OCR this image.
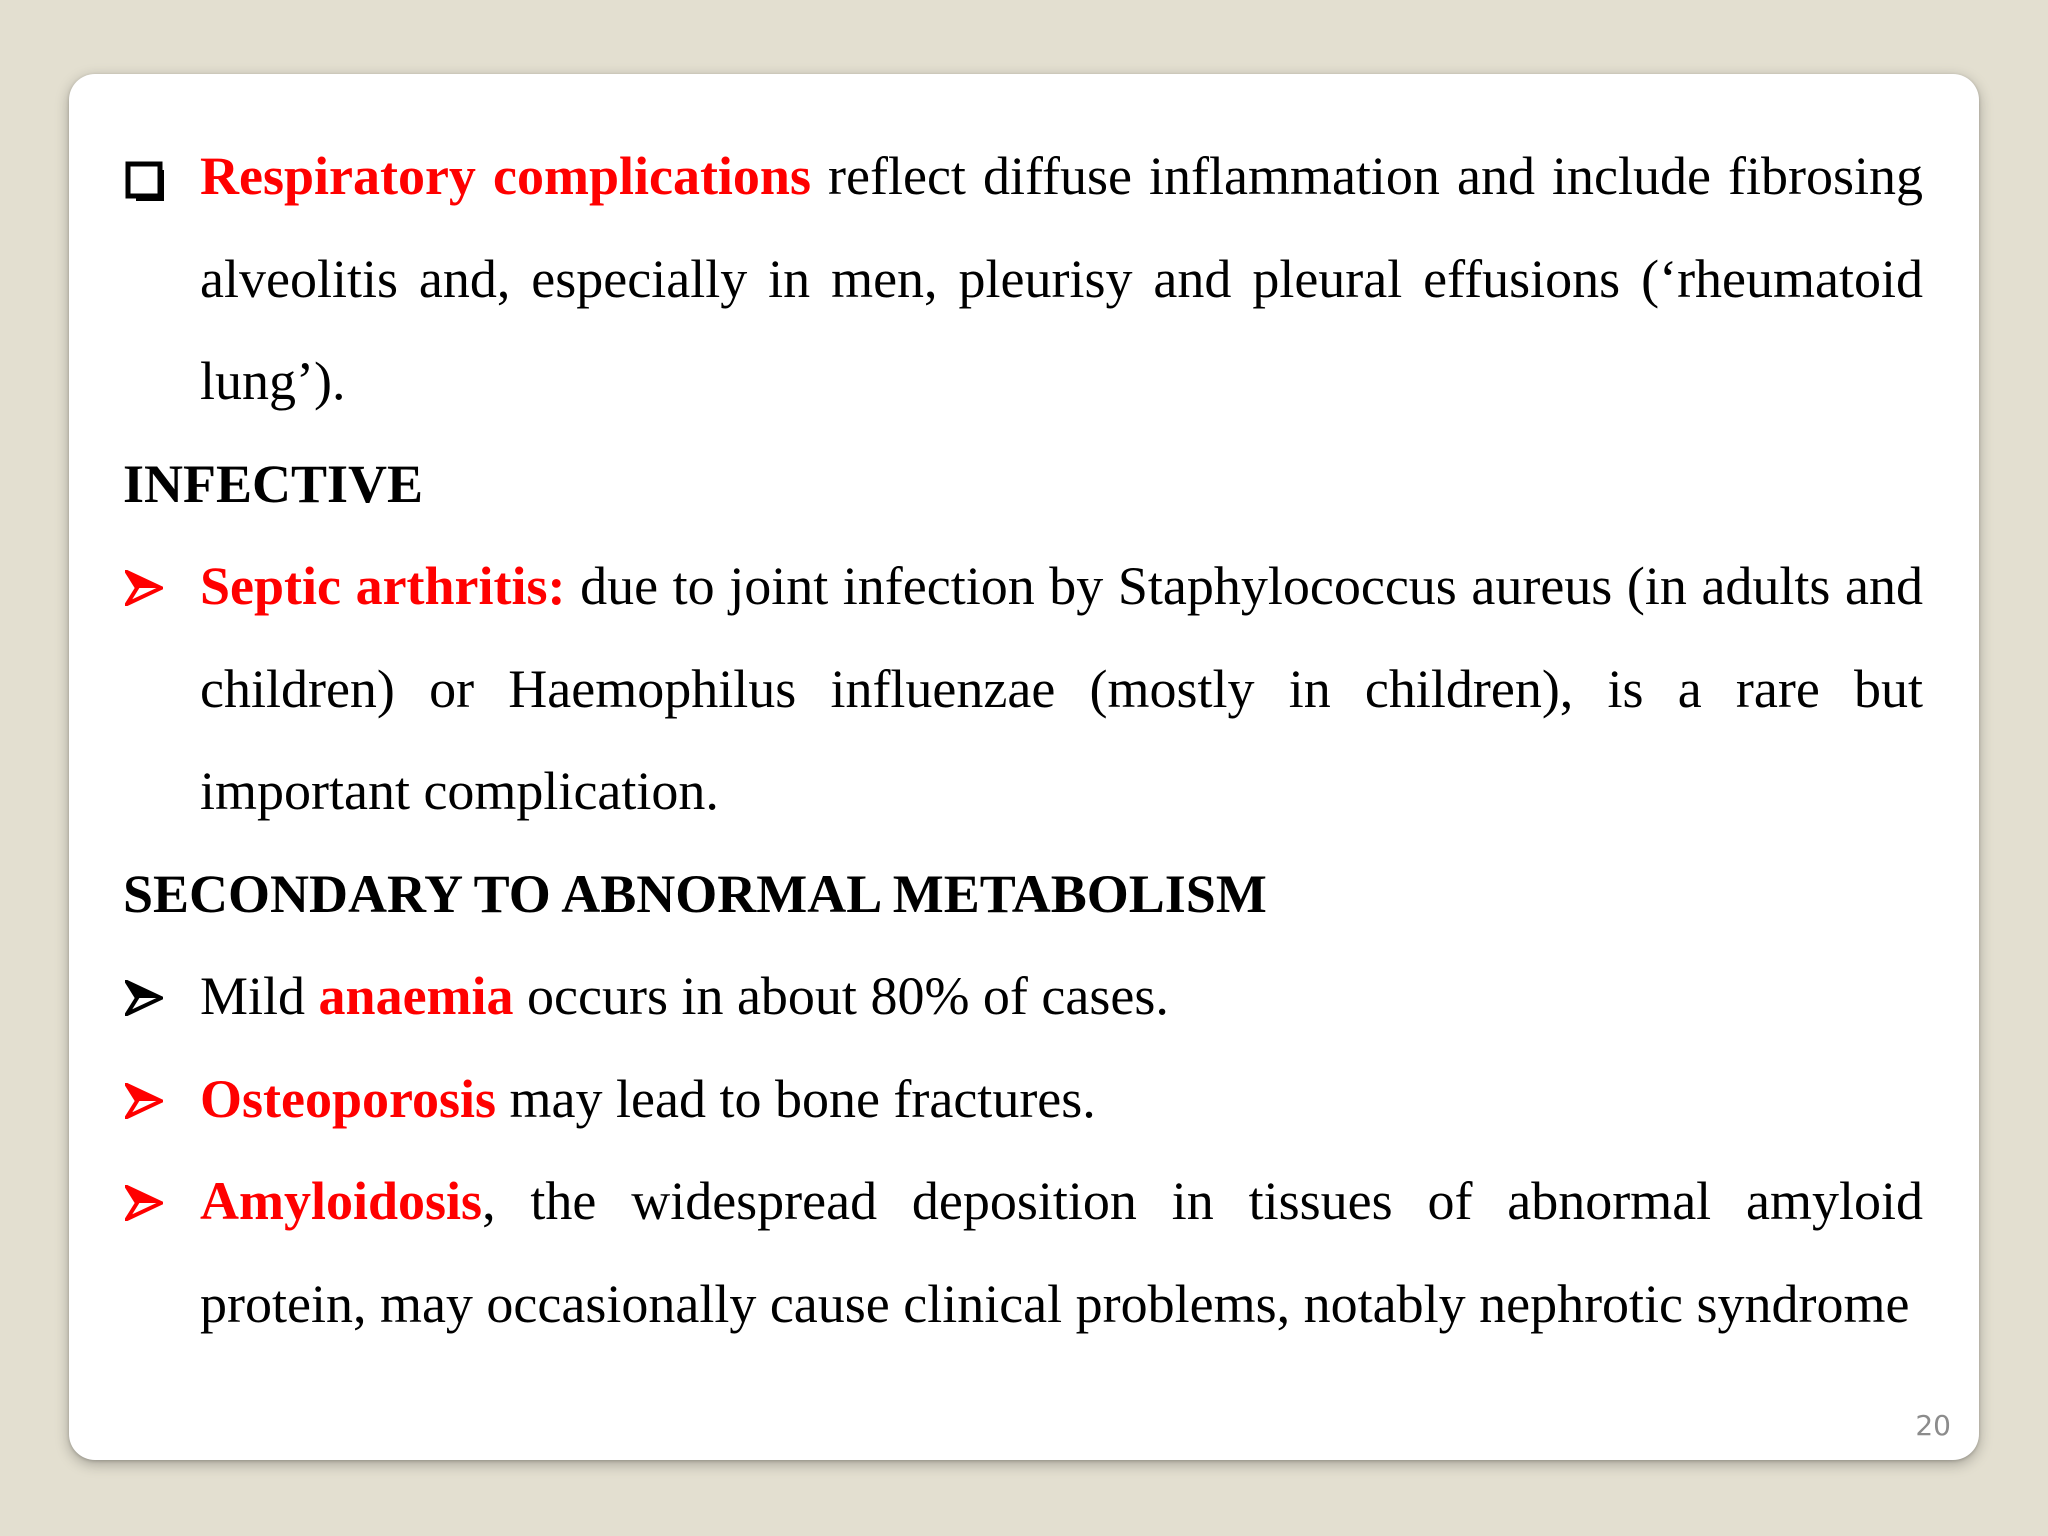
Respiratory complications reflect diffuse inflammation and include fibrosing alveolitis and, especially in men, pleurisy and pleural effusions (‘rheumatoid lung’).
INFECTIVE
Septic arthritis: due to joint infection by Staphylococcus aureus (in adults and children) or Haemophilus influenzae (mostly in children), is a rare but important complication.
SECONDARY TO ABNORMAL METABOLISM
Mild anaemia occurs in about 80% of cases.
Osteoporosis may lead to bone fractures.
Amyloidosis, the widespread deposition in tissues of abnormal amyloid protein, may occasionally cause clinical problems, notably nephrotic syndrome
20
